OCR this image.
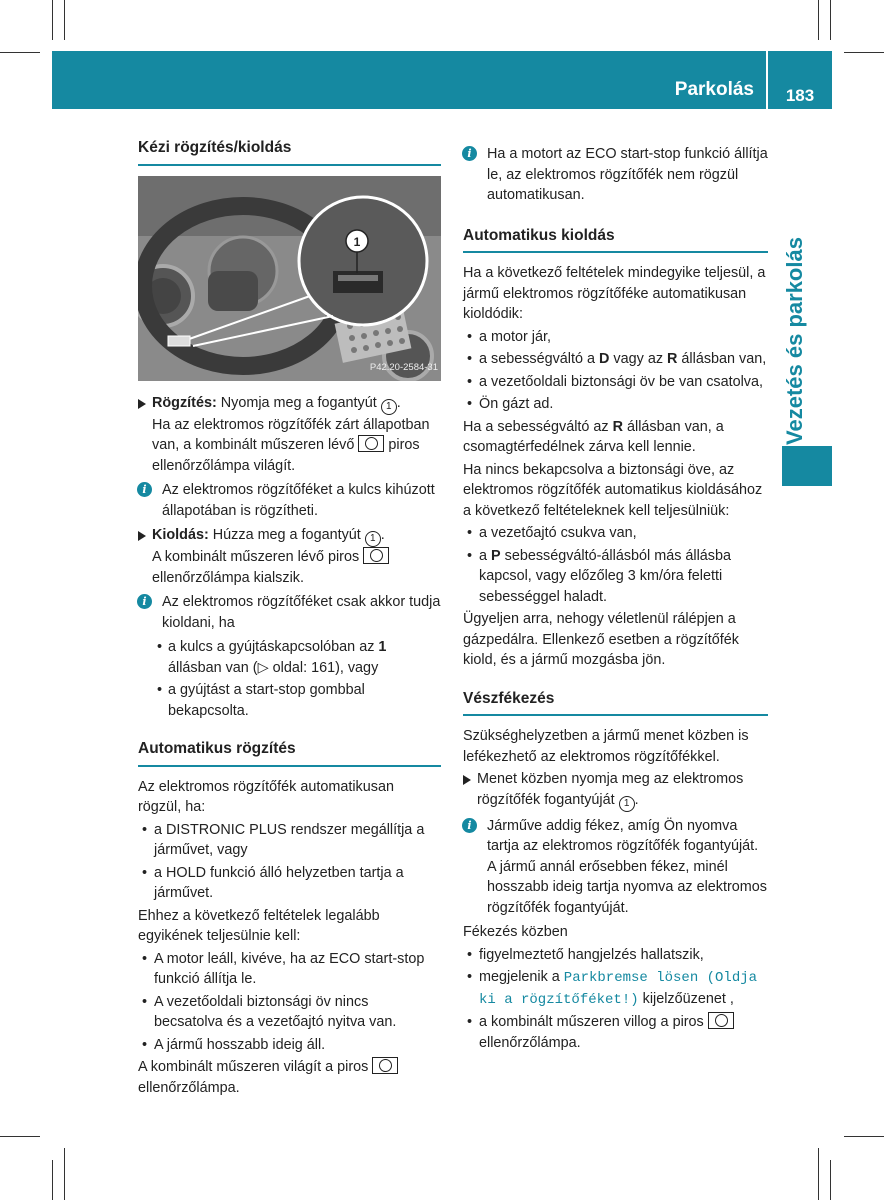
Parkolás	183
Vezetés és parkolás
Kézi rögzítés/kioldás
1
P42.20-2584-31
Rögzítés: Nyomja meg a fogantyút 1 .
Ha az elektromos rögzítőfék zárt állapotban van, a kombinált műszeren lévő  piros ellenőrzőlámpa világít.
i	Az elektromos rögzítőféket a kulcs kihúzott állapotában is rögzítheti.
Kioldás: Húzza meg a fogantyút 1 .
A kombinált műszeren lévő piros  ellenőrzőlámpa kialszik.
i	Az elektromos rögzítőféket csak akkor tudja kioldani, ha
• a kulcs a gyújtáskapcsolóban az 1 állásban van (▷ oldal: 161), vagy
• a gyújtást a start-stop gombbal bekapcsolta.
Automatikus rögzítés

Az elektromos rögzítőfék automatikusan rögzül, ha:

• a DISTRONIC PLUS rendszer megállítja a járművet, vagy
• a HOLD funkció álló helyzetben tartja a járművet.

Ehhez a következő feltételek legalább egyikének teljesülnie kell:

• A motor leáll, kivéve, ha az ECO start-stop funkció állítja le.
• A vezetőoldali biztonsági öv nincs becsatolva és a vezetőajtó nyitva van.
• A jármű hosszabb ideig áll.

A kombinált műszeren világít a piros  ellenőrzőlámpa.

i	Ha a motort az ECO start-stop funkció állítja le, az elektromos rögzítőfék nem rögzül automatikusan.
Automatikus kioldás

Ha a következő feltételek mindegyike teljesül, a jármű elektromos rögzítőféke automatikusan kioldódik:

• a motor jár,
• a sebességváltó a D vagy az R állásban van,
• a vezetőoldali biztonsági öv be van csatolva,
• Ön gázt ad.

Ha a sebességváltó az R állásban van, a csomagtérfedélnek zárva kell lennie.

Ha nincs bekapcsolva a biztonsági öve, az elektromos rögzítőfék automatikus kioldásához a következő feltételeknek kell teljesülniük:

• a vezetőajtó csukva van,
• a P sebességváltó-állásból más állásba kapcsol, vagy előzőleg 3 km/óra feletti sebességgel haladt.

Ügyeljen arra, nehogy véletlenül rálépjen a gázpedálra. Ellenkező esetben a rögzítőfék kiold, és a jármű mozgásba jön.

Vészfékezés

Szükséghelyzetben a jármű menet közben is lefékezhető az elektromos rögzítőfékkel.

Menet közben nyomja meg az elektromos rögzítőfék fogantyúját 1 .
i	Járműve addig fékez, amíg Ön nyomva tartja az elektromos rögzítőfék fogantyúját. A jármű annál erősebben fékez, minél hosszabb ideig tartja nyomva az elektromos rögzítőfék fogantyúját.

Fékezés közben

• figyelmeztető hangjelzés hallatszik,
• megjelenik a Parkbremse lösen (Oldja ki a rögzítőféket!) kijelzőüzenet ,
• a kombinált műszeren villog a piros  ellenőrzőlámpa.
